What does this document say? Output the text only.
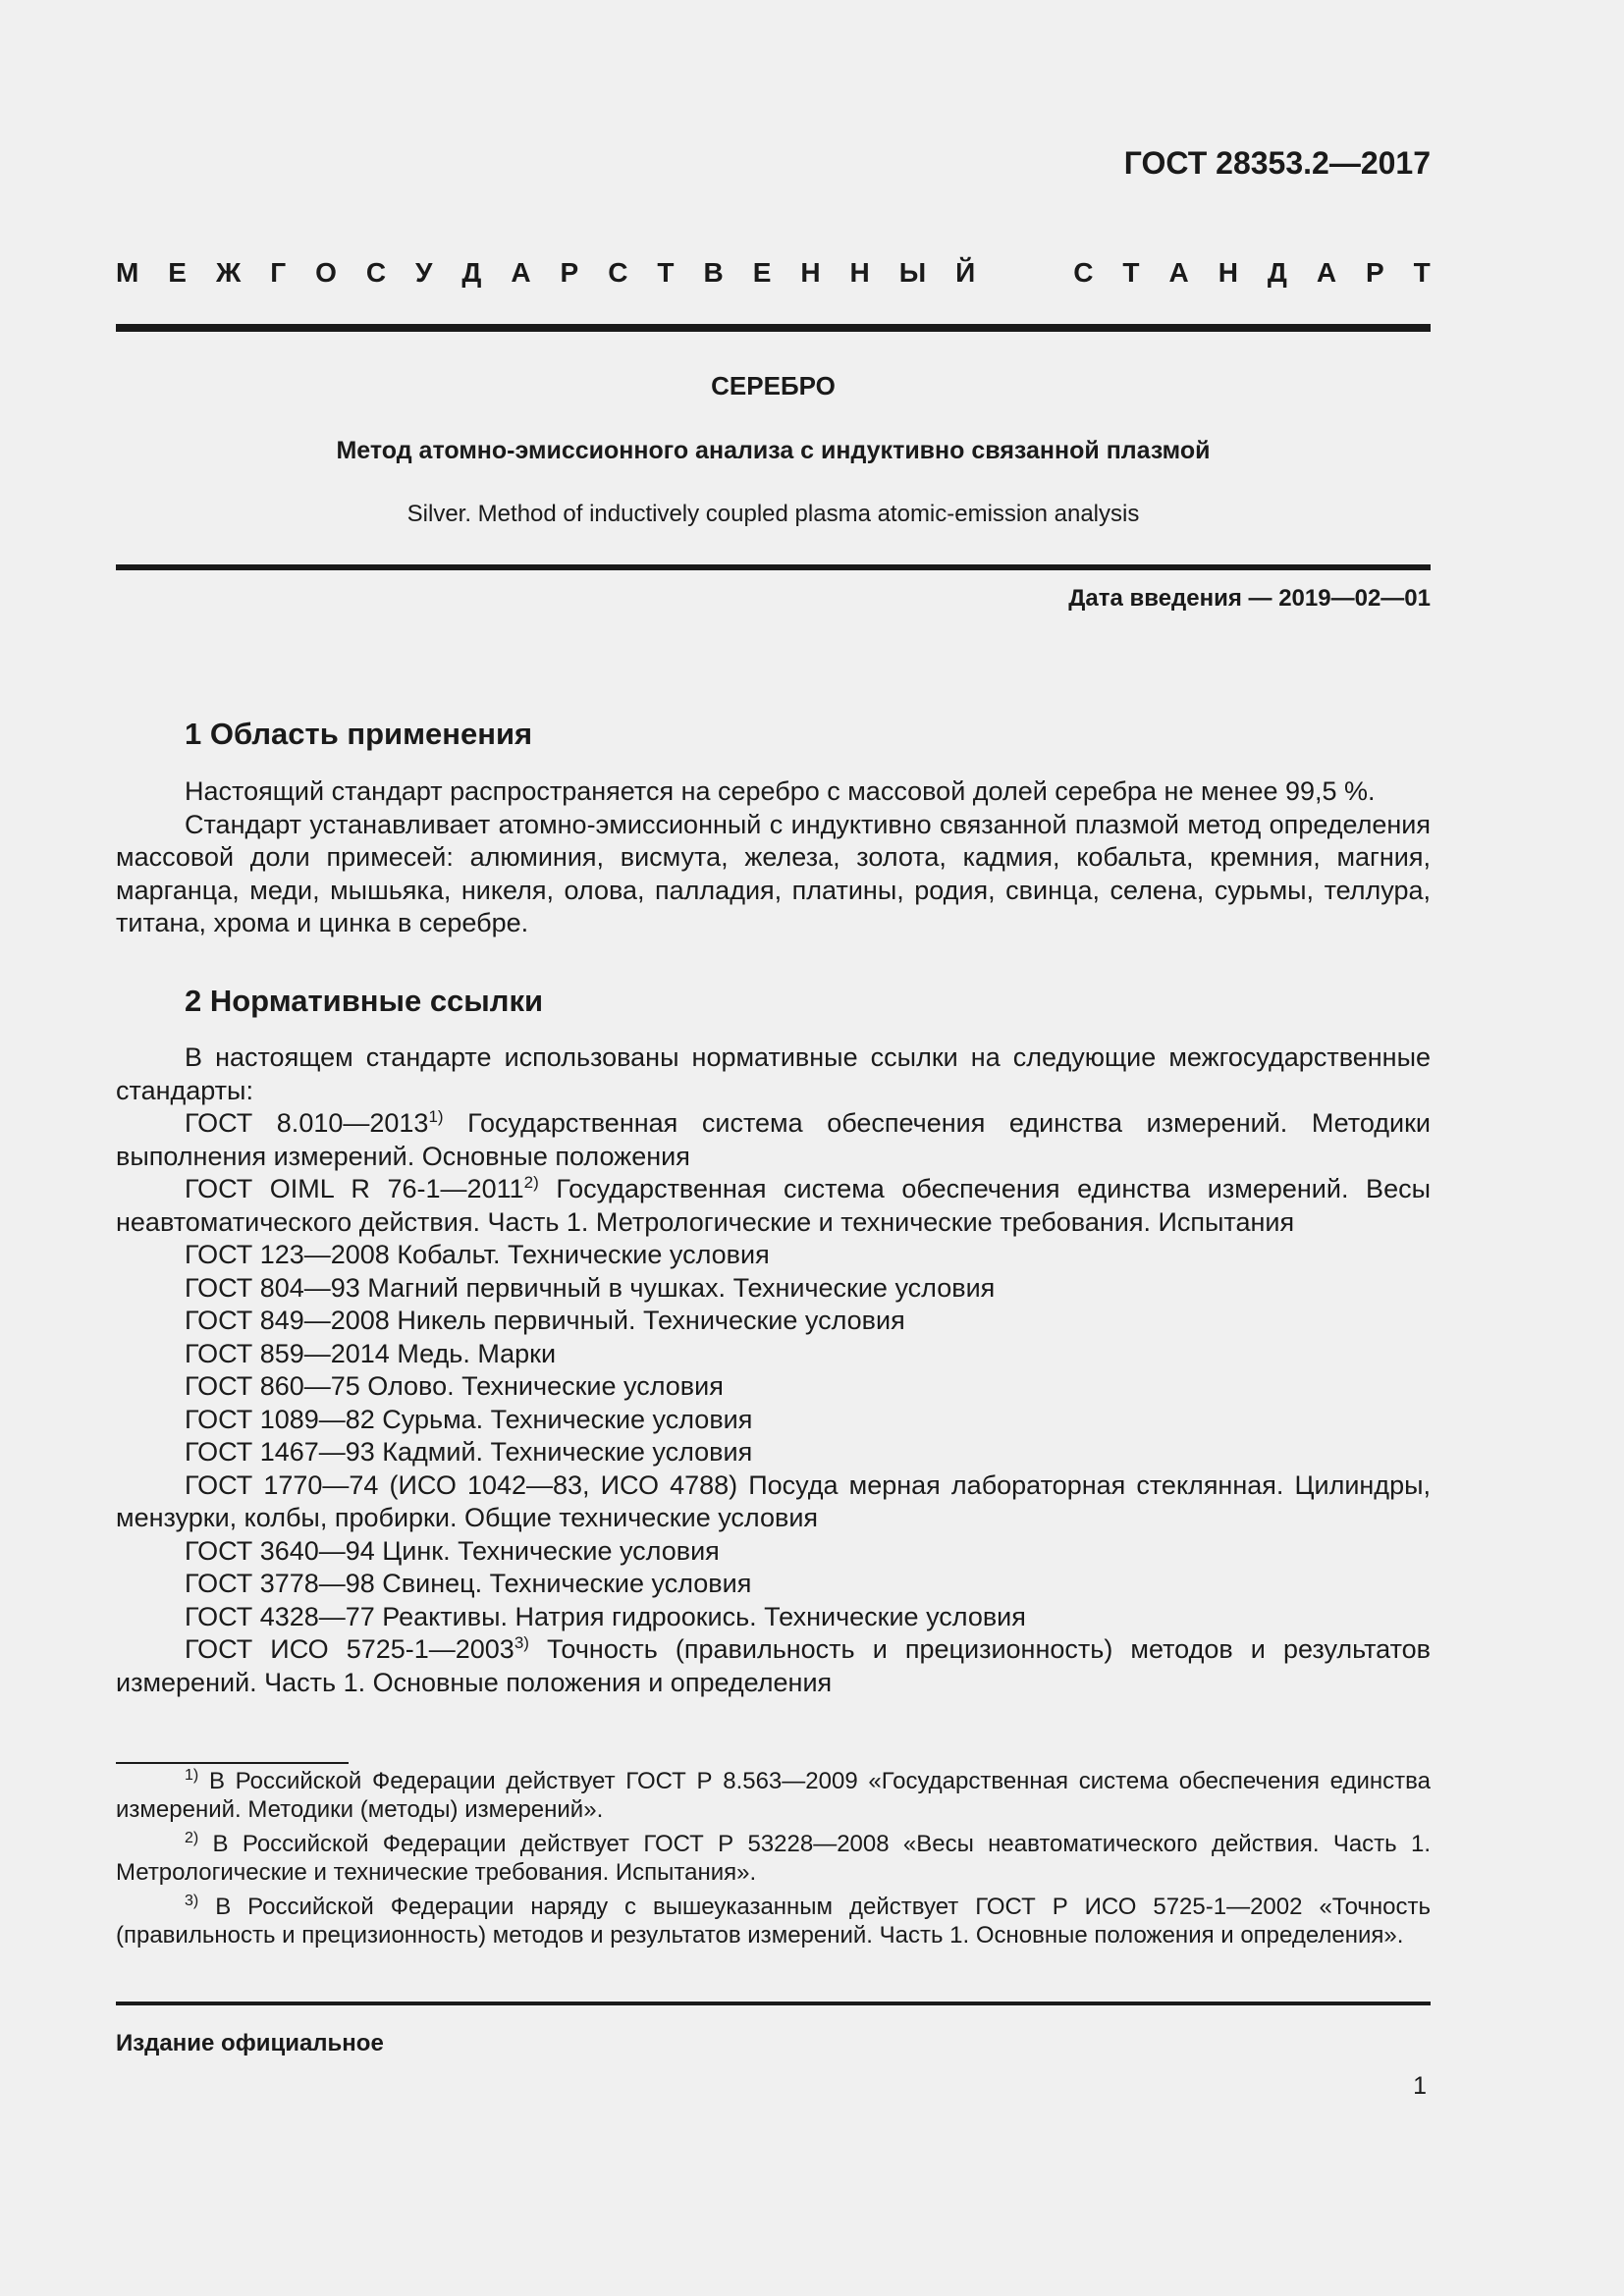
ГОСТ 28353.2—2017
М Е Ж Г О С У Д А Р С Т В Е Н Н Ы Й	С Т А Н Д А Р Т
СЕРЕБРО
Метод атомно-эмиссионного анализа с индуктивно связанной плазмой
Silver. Method of inductively coupled plasma atomic-emission analysis
Дата введения — 2019—02—01
1 Область применения

Настоящий стандарт распространяется на серебро с массовой долей серебра не менее 99,5 %.

Стандарт устанавливает атомно-эмиссионный с индуктивно связанной плазмой метод определения массовой доли примесей: алюминия, висмута, железа, золота, кадмия, кобальта, кремния, магния, марганца, меди, мышьяка, никеля, олова, палладия, платины, родия, свинца, селена, сурьмы, теллура, титана, хрома и цинка в серебре.

2 Нормативные ссылки

В настоящем стандарте использованы нормативные ссылки на следующие межгосударственные стандарты:

ГОСТ 8.010—2013$^{1)}$ Государственная система обеспечения единства измерений. Методики выполнения измерений. Основные положения

ГОСТ OIML R 76-1—2011$^{2)}$ Государственная система обеспечения единства измерений. Весы неавтоматического действия. Часть 1. Метрологические и технические требования. Испытания

ГОСТ 123—2008 Кобальт. Технические условия

ГОСТ 804—93 Магний первичный в чушках. Технические условия

ГОСТ 849—2008 Никель первичный. Технические условия

ГОСТ 859—2014 Медь. Марки

ГОСТ 860—75 Олово. Технические условия

ГОСТ 1089—82 Сурьма. Технические условия

ГОСТ 1467—93 Кадмий. Технические условия

ГОСТ 1770—74 (ИСО 1042—83, ИСО 4788) Посуда мерная лабораторная стеклянная. Цилиндры, мензурки, колбы, пробирки. Общие технические условия

ГОСТ 3640—94 Цинк. Технические условия

ГОСТ 3778—98 Свинец. Технические условия

ГОСТ 4328—77 Реактивы. Натрия гидроокись. Технические условия

ГОСТ ИСО 5725-1—2003$^{3)}$ Точность (правильность и прецизионность) методов и результатов измерений. Часть 1. Основные положения и определения

$^{1)}$ В Российской Федерации действует ГОСТ Р 8.563—2009 «Государственная система обеспечения единства измерений. Методики (методы) измерений».

$^{2)}$ В Российской Федерации действует ГОСТ Р 53228—2008 «Весы неавтоматического действия. Часть 1. Метрологические и технические требования. Испытания».

$^{3)}$ В Российской Федерации наряду с вышеуказанным действует ГОСТ Р ИСО 5725-1—2002 «Точность (правильность и прецизионность) методов и результатов измерений. Часть 1. Основные положения и определения».

Издание официальное
1
